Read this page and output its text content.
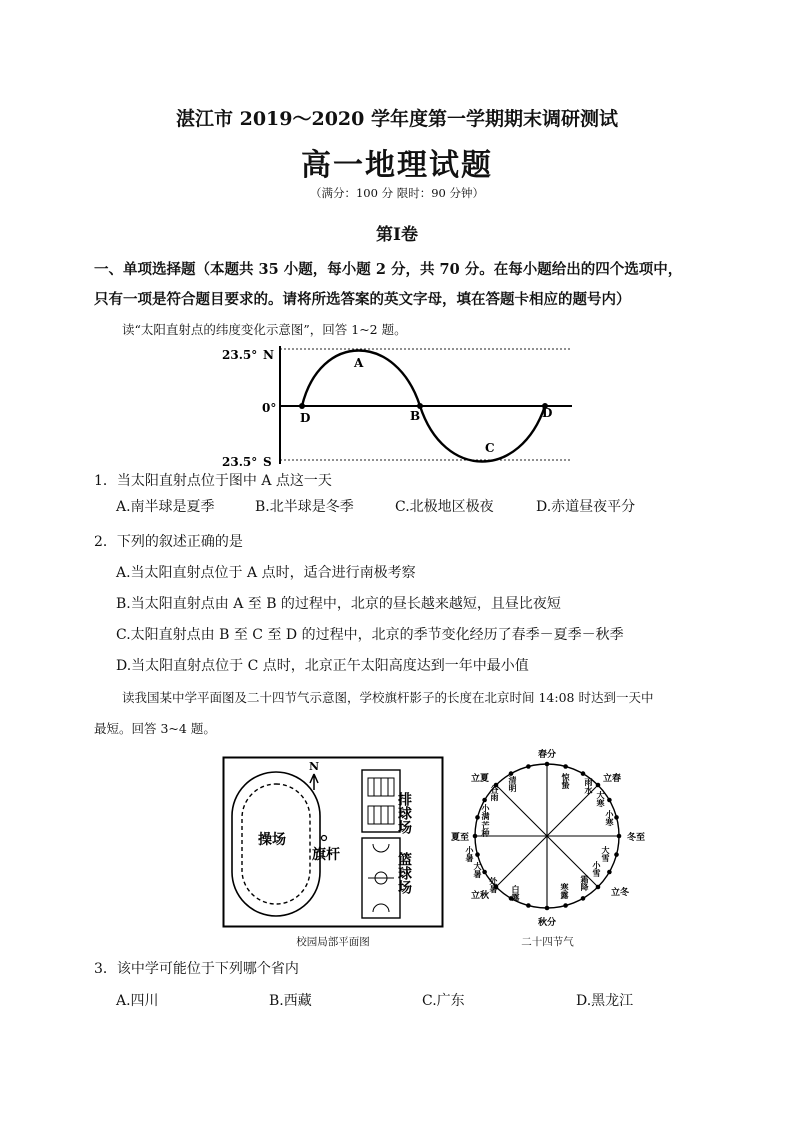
湛江市 2019～2020 学年度第一学期期末调研测试
高一地理试题
（满分：100 分 限时：90 分钟）
第Ⅰ卷
一、单项选择题（本题共 35 小题，每小题 2 分，共 70 分。在每小题给出的四个选项中，
只有一项是符合题目要求的。请将所选答案的英文字母，填在答题卡相应的题号内）
读“太阳直射点的纬度变化示意图”，回答 1~2 题。
23.5° N
0°
23.5° S
A
B
C
D	D
1．当太阳直射点位于图中 A 点这一天
A.南半球是夏季	B.北半球是冬季	C.北极地区极夜	D.赤道昼夜平分
2．下列的叙述正确的是
A.当太阳直射点位于 A 点时，适合进行南极考察
B.当太阳直射点由 A 至 B 的过程中，北京的昼长越来越短，且昼比夜短
C.太阳直射点由 B 至 C 至 D 的过程中，北京的季节变化经历了春季－夏季－秋季
D.当太阳直射点位于 C 点时，北京正午太阳高度达到一年中最小值
读我国某中学平面图及二十四节气示意图，学校旗杆影子的长度在北京时间 14:08 时达到一天中
最短。回答 3~4 题。
操场
N
旗杆
排球场
篮球场
校园局部平面图
春分
秋分
冬至
夏至
立春
立夏
立秋	立冬
惊蛰 雨水
清明
谷雨	大寒
小寒
小满
芒种
大雪
小雪
小暑
大暑
霜降
寒露
处暑 白露
二十四节气
3．该中学可能位于下列哪个省内
A.四川	B.西藏	C.广东	D.黑龙江
